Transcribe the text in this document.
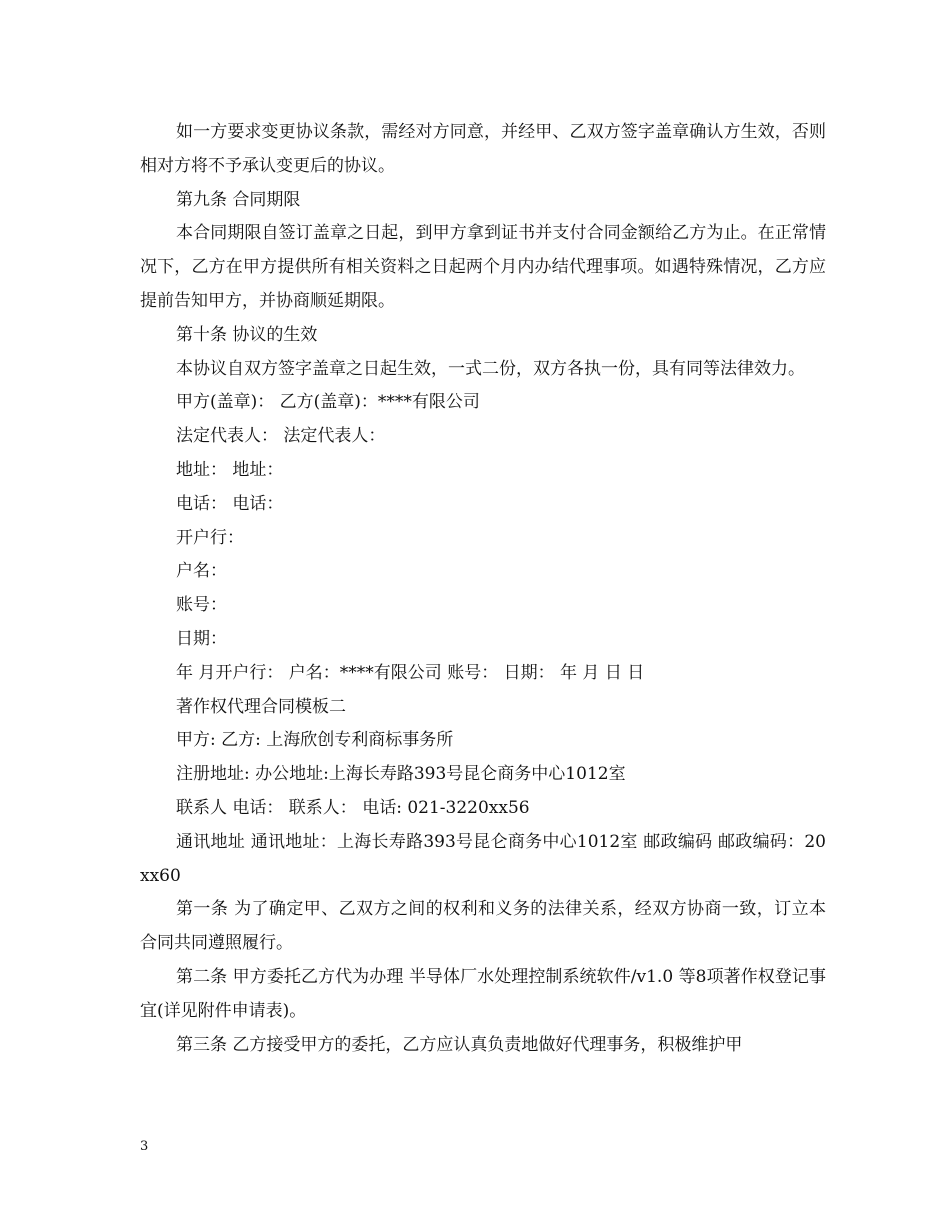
如一方要求变更协议条款，需经对方同意，并经甲、乙双方签字盖章确认方生效，否则相对方将不予承认变更后的协议。

第九条 合同期限

本合同期限自签订盖章之日起，到甲方拿到证书并支付合同金额给乙方为止。在正常情况下，乙方在甲方提供所有相关资料之日起两个月内办结代理事项。如遇特殊情况，乙方应提前告知甲方，并协商顺延期限。

第十条 协议的生效

本协议自双方签字盖章之日起生效，一式二份，双方各执一份，具有同等法律效力。

甲方(盖章)： 乙方(盖章)：****有限公司

法定代表人： 法定代表人：

地址： 地址：

电话： 电话：

开户行：

户名：

账号：

日期：

年 月开户行： 户名：****有限公司 账号： 日期： 年 月 日 日

著作权代理合同模板二

甲方: 乙方: 上海欣创专利商标事务所

注册地址: 办公地址:上海长寿路393号昆仑商务中心1012室

联系人 电话： 联系人： 电话: 021-3220xx56

通讯地址 通讯地址：上海长寿路393号昆仑商务中心1012室 邮政编码 邮政编码：20xx60

第一条 为了确定甲、乙双方之间的权利和义务的法律关系，经双方协商一致，订立本合同共同遵照履行。

第二条 甲方委托乙方代为办理 半导体厂水处理控制系统软件/v1.0 等8项著作权登记事宜(详见附件申请表)。

第三条 乙方接受甲方的委托，乙方应认真负责地做好代理事务，积极维护甲

3
